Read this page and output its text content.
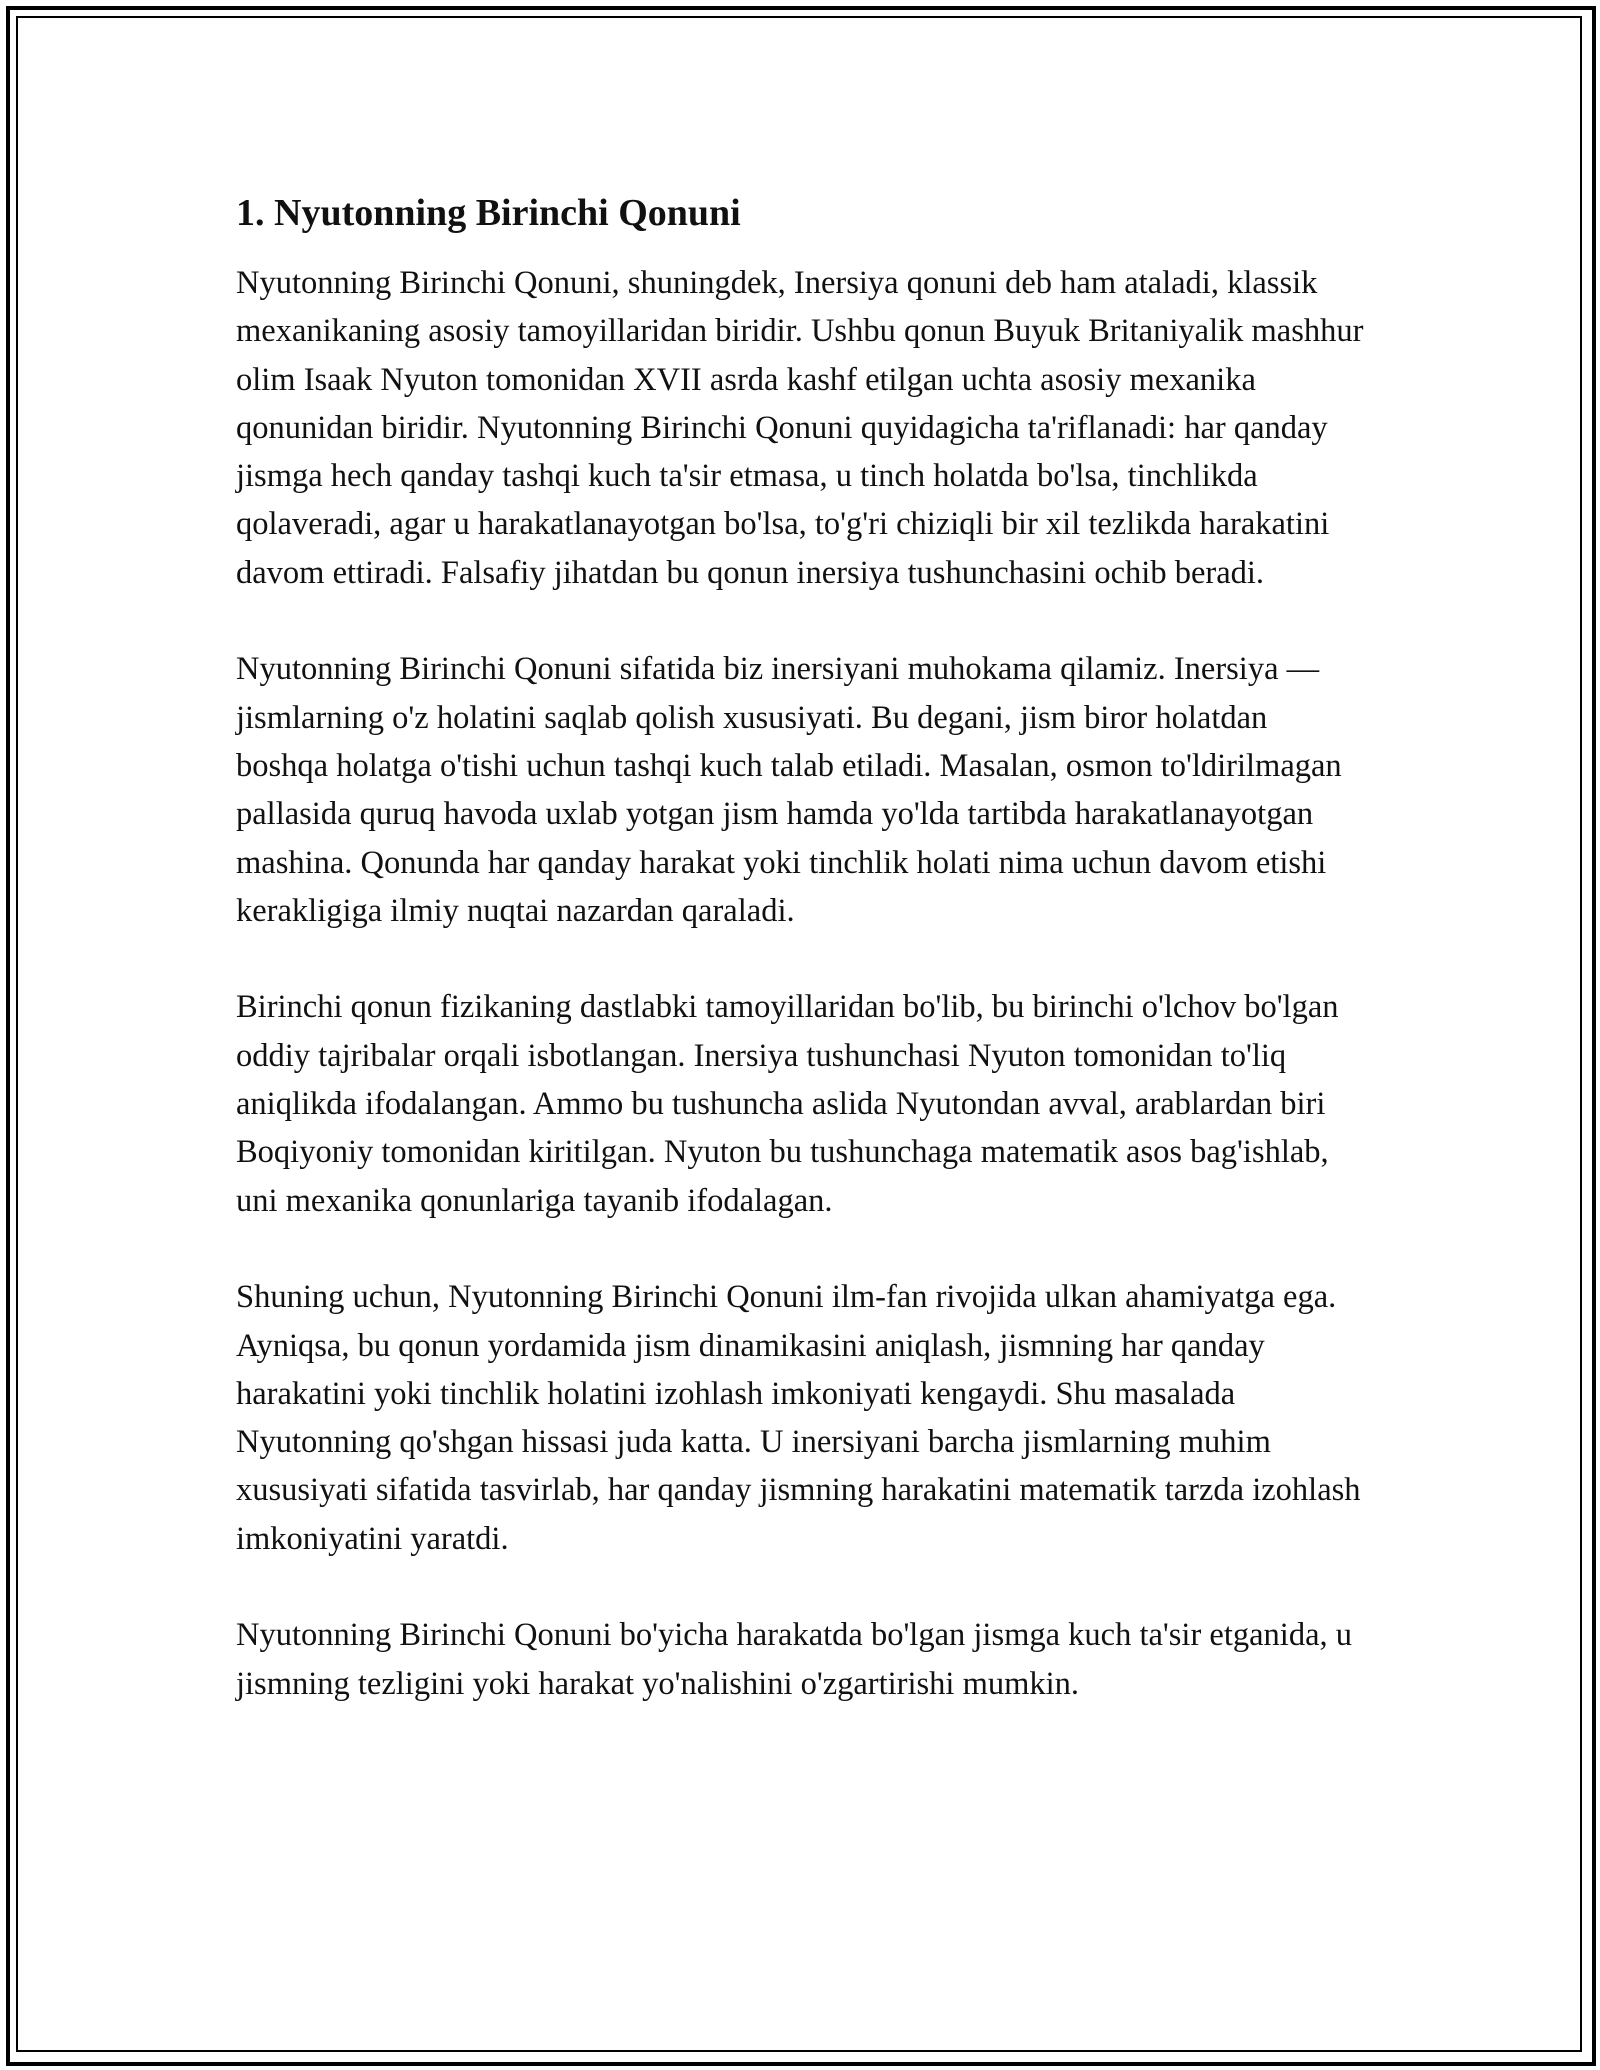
1. Nyutonning Birinchi Qonuni

Nyutonning Birinchi Qonuni, shuningdek, Inersiya qonuni deb ham ataladi, klassik mexanikaning asosiy tamoyillaridan biridir. Ushbu qonun Buyuk Britaniyalik mashhur olim Isaak Nyuton tomonidan XVII asrda kashf etilgan uchta asosiy mexanika qonunidan biridir. Nyutonning Birinchi Qonuni quyidagicha ta'riflanadi: har qanday jismga hech qanday tashqi kuch ta'sir etmasa, u tinch holatda bo'lsa, tinchlikda qolaveradi, agar u harakatlanayotgan bo'lsa, to'g'ri chiziqli bir xil tezlikda harakatini davom ettiradi. Falsafiy jihatdan bu qonun inersiya tushunchasini ochib beradi.

Nyutonning Birinchi Qonuni sifatida biz inersiyani muhokama qilamiz. Inersiya — jismlarning o'z holatini saqlab qolish xususiyati. Bu degani, jism biror holatdan boshqa holatga o'tishi uchun tashqi kuch talab etiladi. Masalan, osmon to'ldirilmagan pallasida quruq havoda uxlab yotgan jism hamda yo'lda tartibda harakatlanayotgan mashina. Qonunda har qanday harakat yoki tinchlik holati nima uchun davom etishi kerakligiga ilmiy nuqtai nazardan qaraladi.

Birinchi qonun fizikaning dastlabki tamoyillaridan bo'lib, bu birinchi o'lchov bo'lgan oddiy tajribalar orqali isbotlangan. Inersiya tushunchasi Nyuton tomonidan to'liq aniqlikda ifodalangan. Ammo bu tushuncha aslida Nyutondan avval, arablardan biri Boqiyoniy tomonidan kiritilgan. Nyuton bu tushunchaga matematik asos bag'ishlab, uni mexanika qonunlariga tayanib ifodalagan.

Shuning uchun, Nyutonning Birinchi Qonuni ilm-fan rivojida ulkan ahamiyatga ega. Ayniqsa, bu qonun yordamida jism dinamikasini aniqlash, jismning har qanday harakatini yoki tinchlik holatini izohlash imkoniyati kengaydi. Shu masalada Nyutonning qo'shgan hissasi juda katta. U inersiyani barcha jismlarning muhim xususiyati sifatida tasvirlab, har qanday jismning harakatini matematik tarzda izohlash imkoniyatini yaratdi.

Nyutonning Birinchi Qonuni bo'yicha harakatda bo'lgan jismga kuch ta'sir etganida, u jismning tezligini yoki harakat yo'nalishini o'zgartirishi mumkin.
